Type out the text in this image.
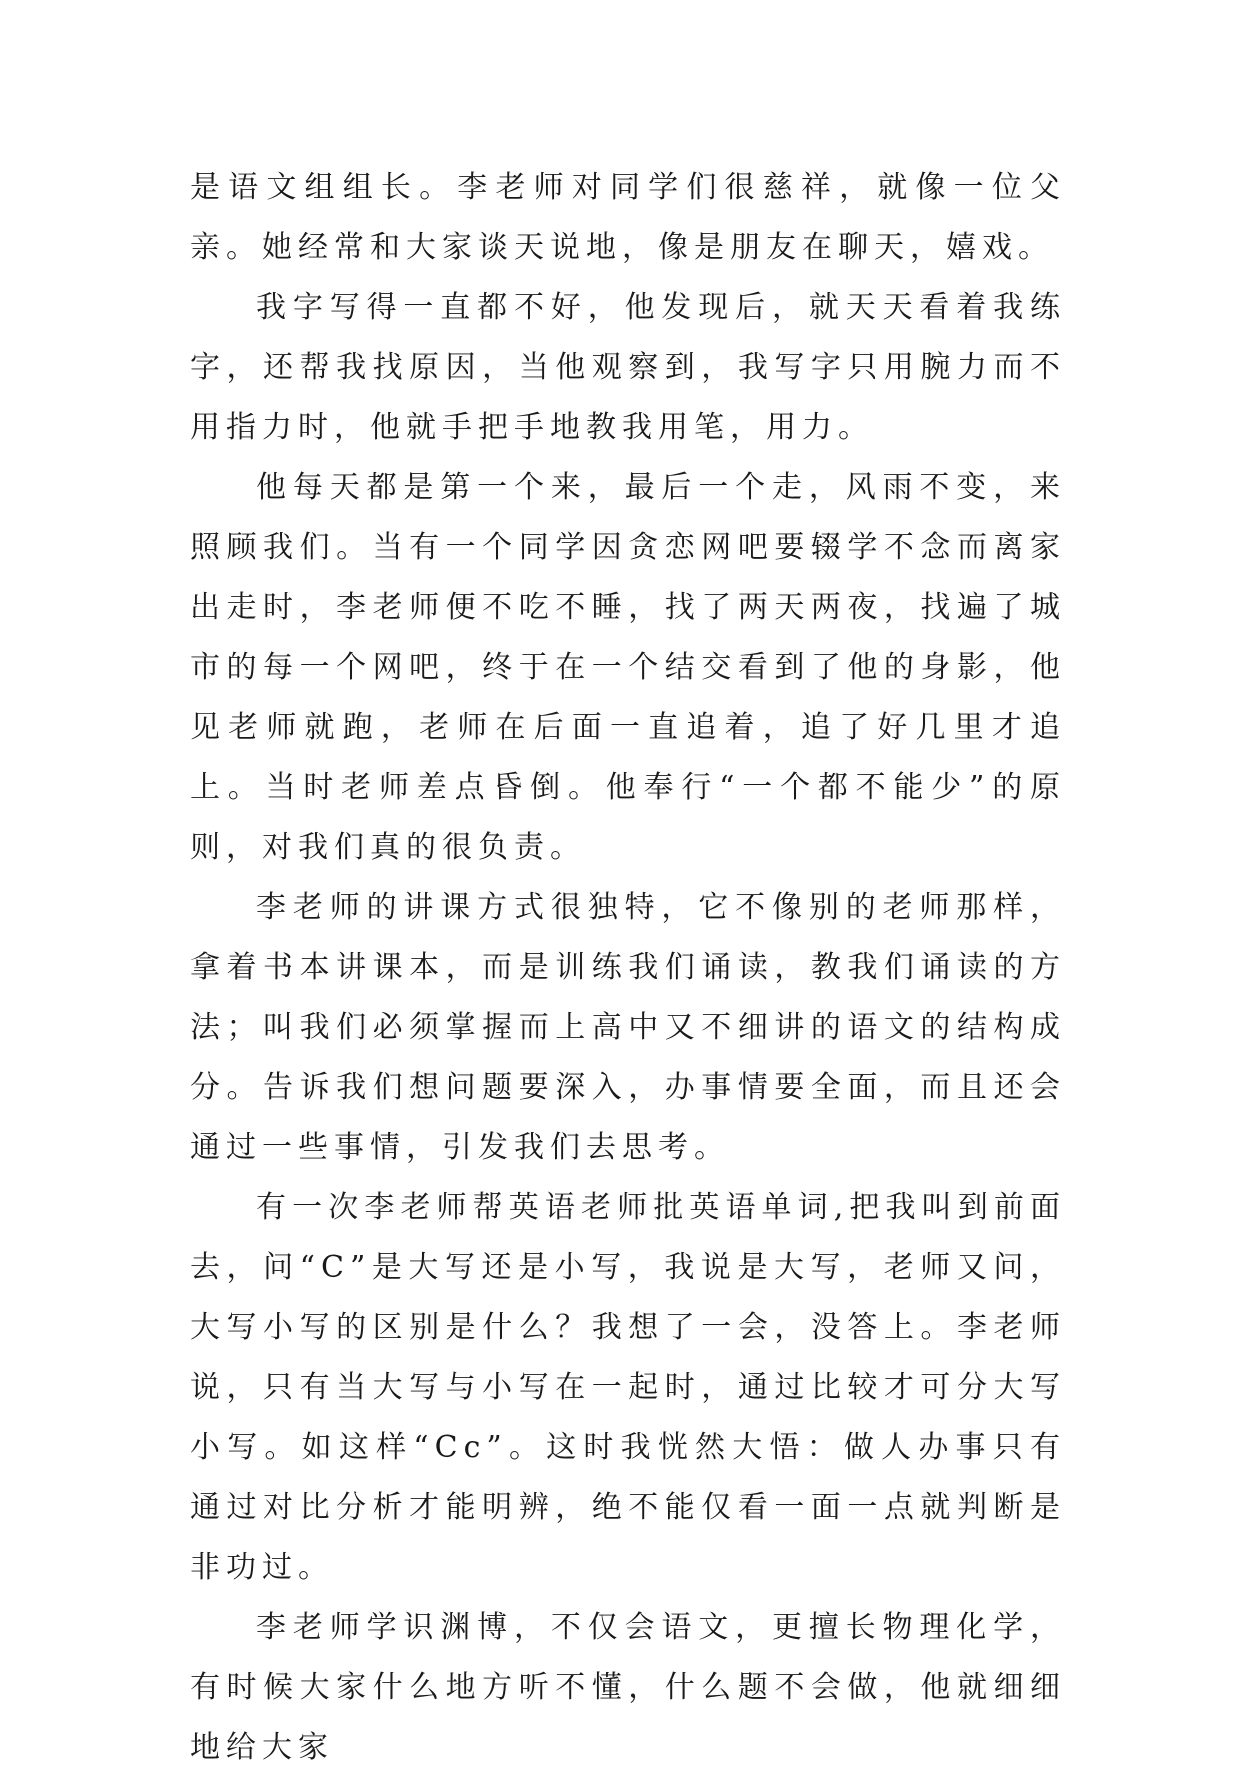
是语文组组长。李老师对同学们很慈祥，就像一位父亲。她经常和大家谈天说地，像是朋友在聊天，嬉戏。

我字写得一直都不好，他发现后，就天天看着我练字，还帮我找原因，当他观察到，我写字只用腕力而不用指力时，他就手把手地教我用笔，用力。

他每天都是第一个来，最后一个走，风雨不变，来照顾我们。当有一个同学因贪恋网吧要辍学不念而离家出走时，李老师便不吃不睡，找了两天两夜，找遍了城市的每一个网吧，终于在一个结交看到了他的身影，他见老师就跑，老师在后面一直追着，追了好几里才追上。当时老师差点昏倒。他奉行“一个都不能少”的原则，对我们真的很负责。

李老师的讲课方式很独特，它不像别的老师那样，拿着书本讲课本，而是训练我们诵读，教我们诵读的方法；叫我们必须掌握而上高中又不细讲的语文的结构成分。告诉我们想问题要深入，办事情要全面，而且还会通过一些事情，引发我们去思考。

有一次李老师帮英语老师批英语单词,把我叫到前面去，问“C”是大写还是小写，我说是大写，老师又问，大写小写的区别是什么？我想了一会，没答上。李老师说，只有当大写与小写在一起时，通过比较才可分大写小写。如这样“Cc”。这时我恍然大悟：做人办事只有通过对比分析才能明辨，绝不能仅看一面一点就判断是非功过。

李老师学识渊博，不仅会语文，更擅长物理化学，有时候大家什么地方听不懂，什么题不会做，他就细细地给大家
